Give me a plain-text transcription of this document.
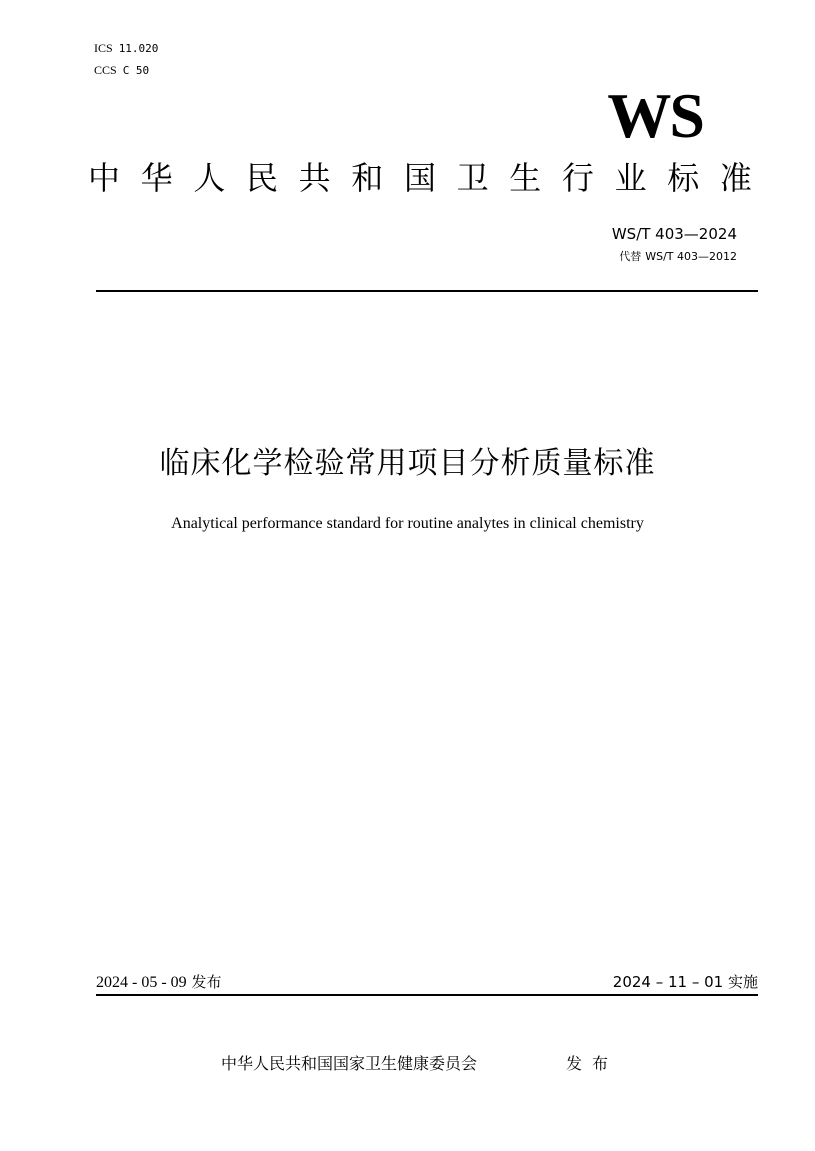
ICS 11.020
CCS C 50
WS
中 华 人 民 共 和 国 卫 生 行 业 标 准
WS/T 403—2024
代替 WS/T 403—2012
临床化学检验常用项目分析质量标准
Analytical performance standard for routine analytes in clinical chemistry
2024 - 05 - 09 发布	2024 – 11 – 01 实施
中华人民共和国国家卫生健康委员会	发布
